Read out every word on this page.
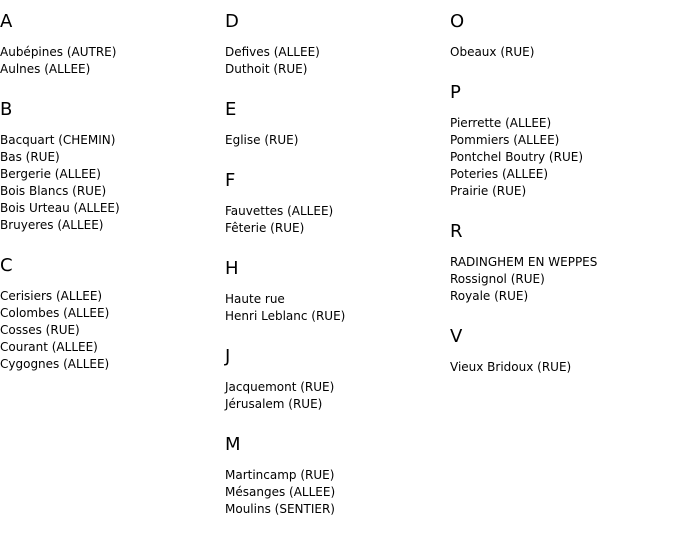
A
Aubépines (AUTRE)
Aulnes (ALLEE)
B
Bacquart (CHEMIN)
Bas (RUE)
Bergerie (ALLEE)
Bois Blancs (RUE)
Bois Urteau (ALLEE)
Bruyeres (ALLEE)
C
Cerisiers (ALLEE)
Colombes (ALLEE)
Cosses (RUE)
Courant (ALLEE)
Cygognes (ALLEE)
D
Defives (ALLEE)
Duthoit (RUE)
E
Eglise (RUE)
F
Fauvettes (ALLEE)
Fêterie (RUE)
H
Haute rue
Henri Leblanc (RUE)
J
Jacquemont (RUE)
Jérusalem (RUE)
M
Martincamp (RUE)
Mésanges (ALLEE)
Moulins (SENTIER)
O
Obeaux (RUE)
P
Pierrette (ALLEE)
Pommiers (ALLEE)
Pontchel Boutry (RUE)
Poteries (ALLEE)
Prairie (RUE)
R
RADINGHEM EN WEPPES
Rossignol (RUE)
Royale (RUE)
V
Vieux Bridoux (RUE)
